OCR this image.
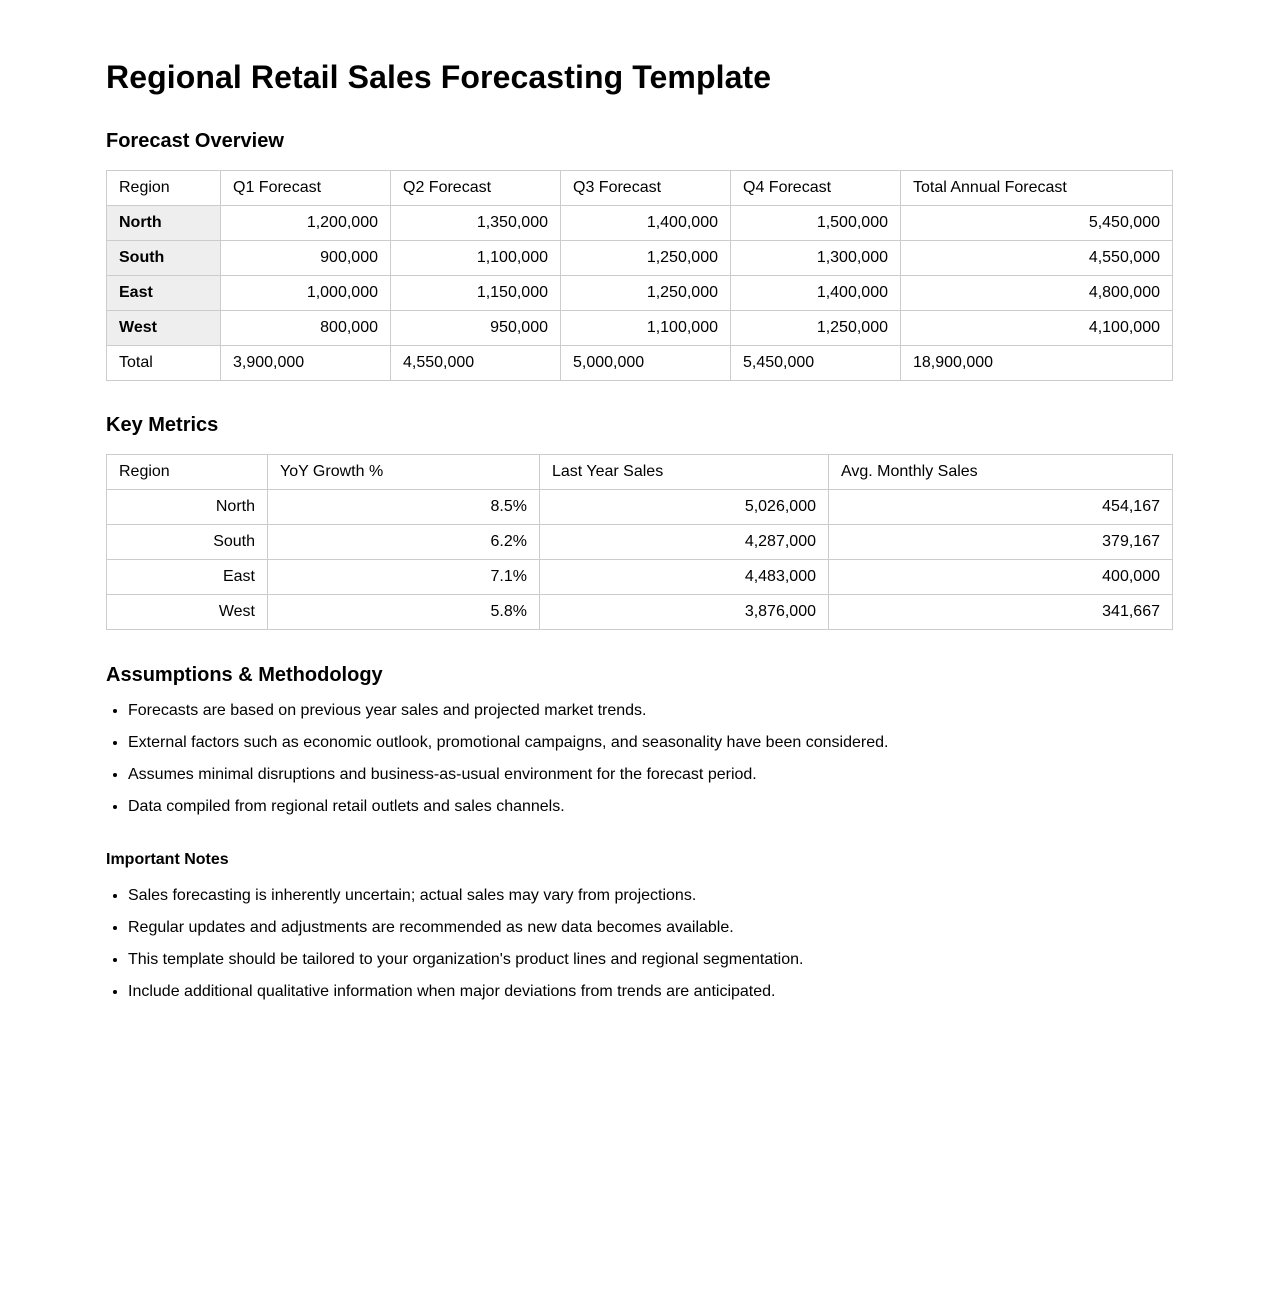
Regional Retail Sales Forecasting Template
Forecast Overview
Region	Q1 Forecast	Q2 Forecast	Q3 Forecast	Q4 Forecast	Total Annual Forecast
North	1,200,000	1,350,000	1,400,000	1,500,000	5,450,000
South	900,000	1,100,000	1,250,000	1,300,000	4,550,000
East	1,000,000	1,150,000	1,250,000	1,400,000	4,800,000
West	800,000	950,000	1,100,000	1,250,000	4,100,000
Total	3,900,000	4,550,000	5,000,000	5,450,000	18,900,000
Key Metrics
Region	YoY Growth %	Last Year Sales	Avg. Monthly Sales
North	8.5%	5,026,000	454,167
South	6.2%	4,287,000	379,167
East	7.1%	4,483,000	400,000
West	5.8%	3,876,000	341,667
Assumptions & Methodology
• Forecasts are based on previous year sales and projected market trends.
• External factors such as economic outlook, promotional campaigns, and seasonality have been considered.
• Assumes minimal disruptions and business-as-usual environment for the forecast period.
• Data compiled from regional retail outlets and sales channels.
Important Notes
• Sales forecasting is inherently uncertain; actual sales may vary from projections.
• Regular updates and adjustments are recommended as new data becomes available.
• This template should be tailored to your organization's product lines and regional segmentation.
• Include additional qualitative information when major deviations from trends are anticipated.
